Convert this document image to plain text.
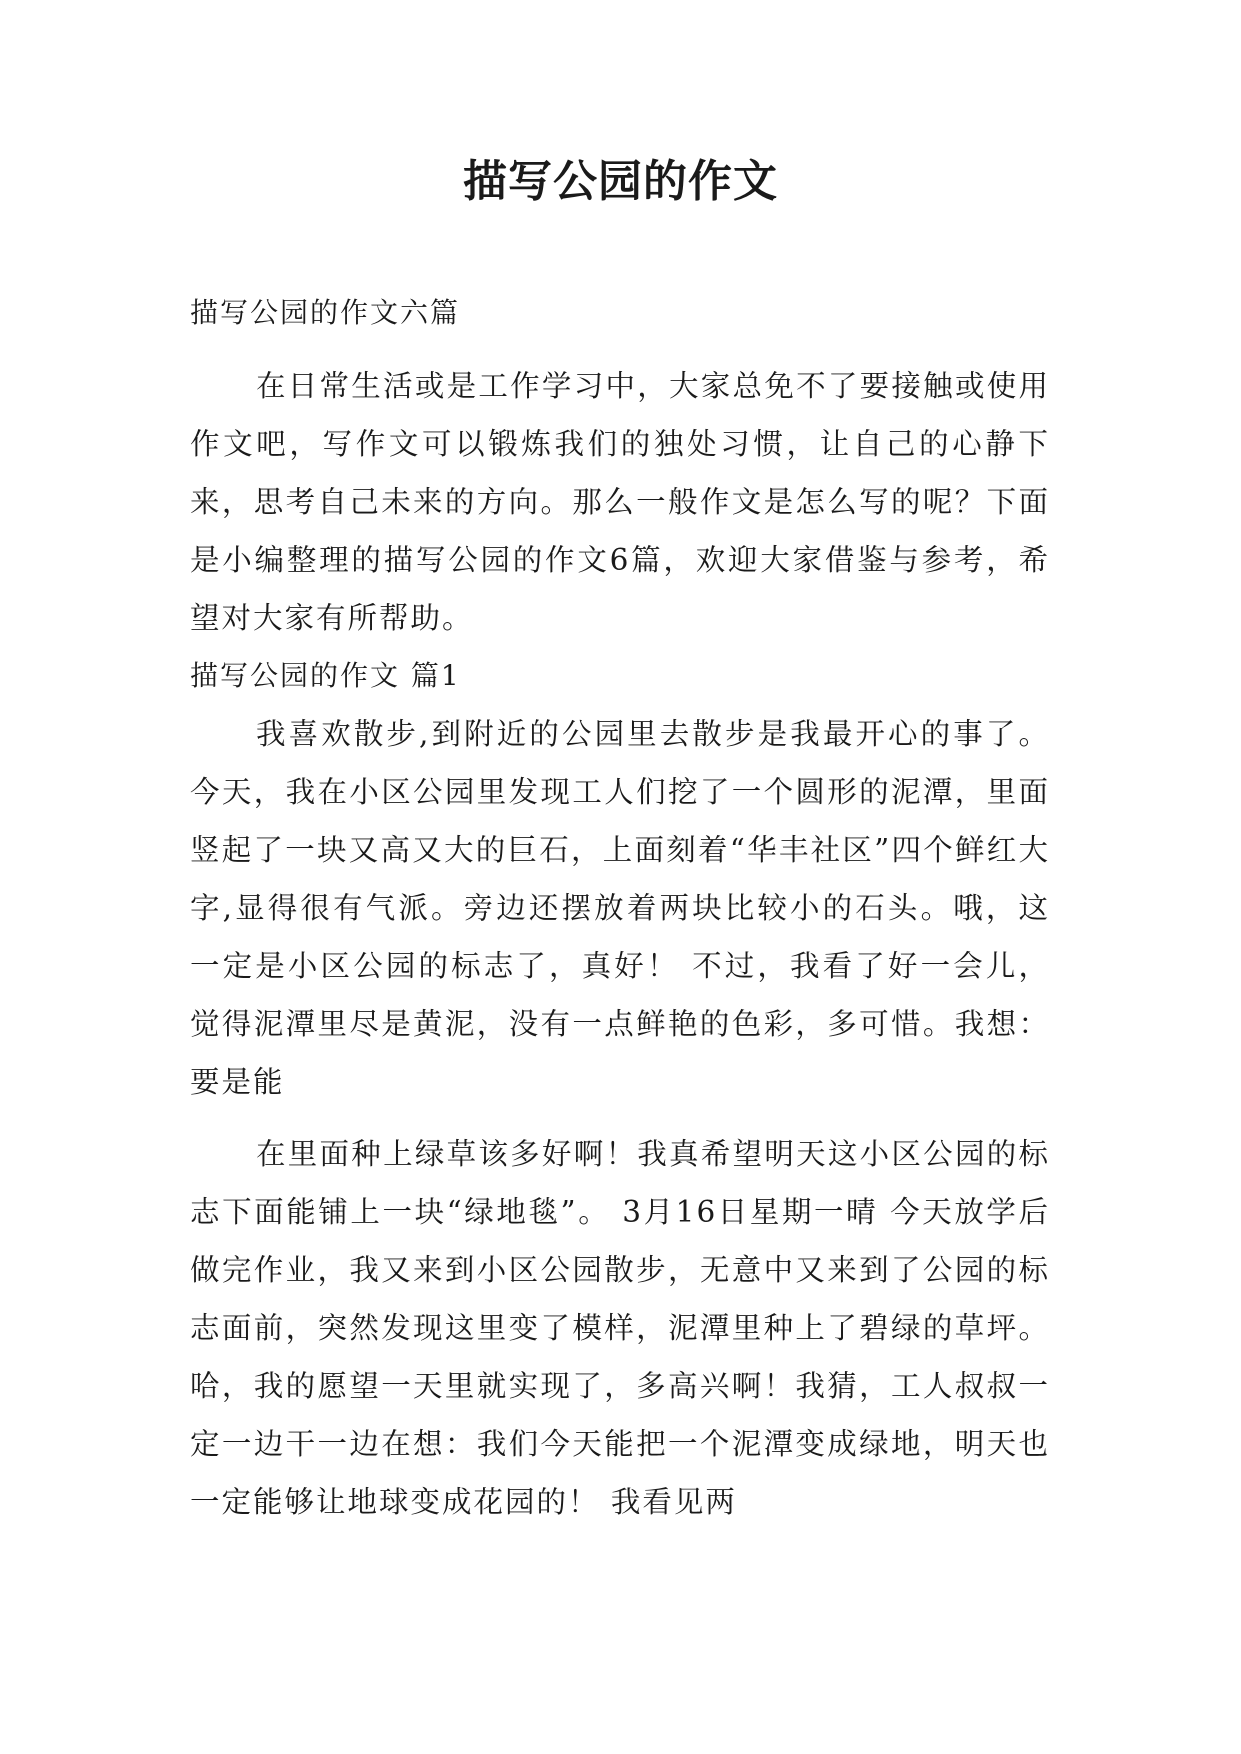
描写公园的作文

描写公园的作文六篇

在日常生活或是工作学习中，大家总免不了要接触或使用作文吧，写作文可以锻炼我们的独处习惯，让自己的心静下来，思考自己未来的方向。那么一般作文是怎么写的呢？下面是小编整理的描写公园的作文6篇，欢迎大家借鉴与参考，希望对大家有所帮助。

描写公园的作文 篇1

我喜欢散步,到附近的公园里去散步是我最开心的事了。今天，我在小区公园里发现工人们挖了一个圆形的泥潭，里面竖起了一块又高又大的巨石，上面刻着“华丰社区”四个鲜红大字,显得很有气派。旁边还摆放着两块比较小的石头。哦，这一定是小区公园的标志了，真好！ 不过，我看了好一会儿，觉得泥潭里尽是黄泥，没有一点鲜艳的色彩，多可惜。我想：要是能

在里面种上绿草该多好啊！我真希望明天这小区公园的标志下面能铺上一块“绿地毯”。 3月16日星期一晴 今天放学后做完作业，我又来到小区公园散步，无意中又来到了公园的标志面前，突然发现这里变了模样，泥潭里种上了碧绿的草坪。哈，我的愿望一天里就实现了，多高兴啊！我猜，工人叔叔一定一边干一边在想：我们今天能把一个泥潭变成绿地，明天也一定能够让地球变成花园的！ 我看见两
